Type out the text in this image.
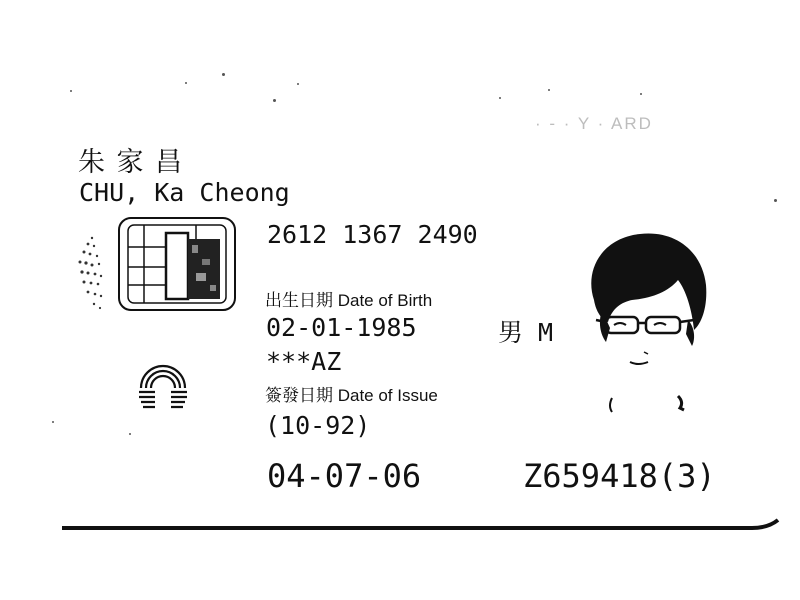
· - · Y · ARD
朱 家 昌
CHU, Ka Cheong
2612 1367 2490
出生日期 Date of Birth
02-01-1985	男 M
***AZ
簽發日期 Date of Issue
(10-92)
04-07-06	Z659418(3)
